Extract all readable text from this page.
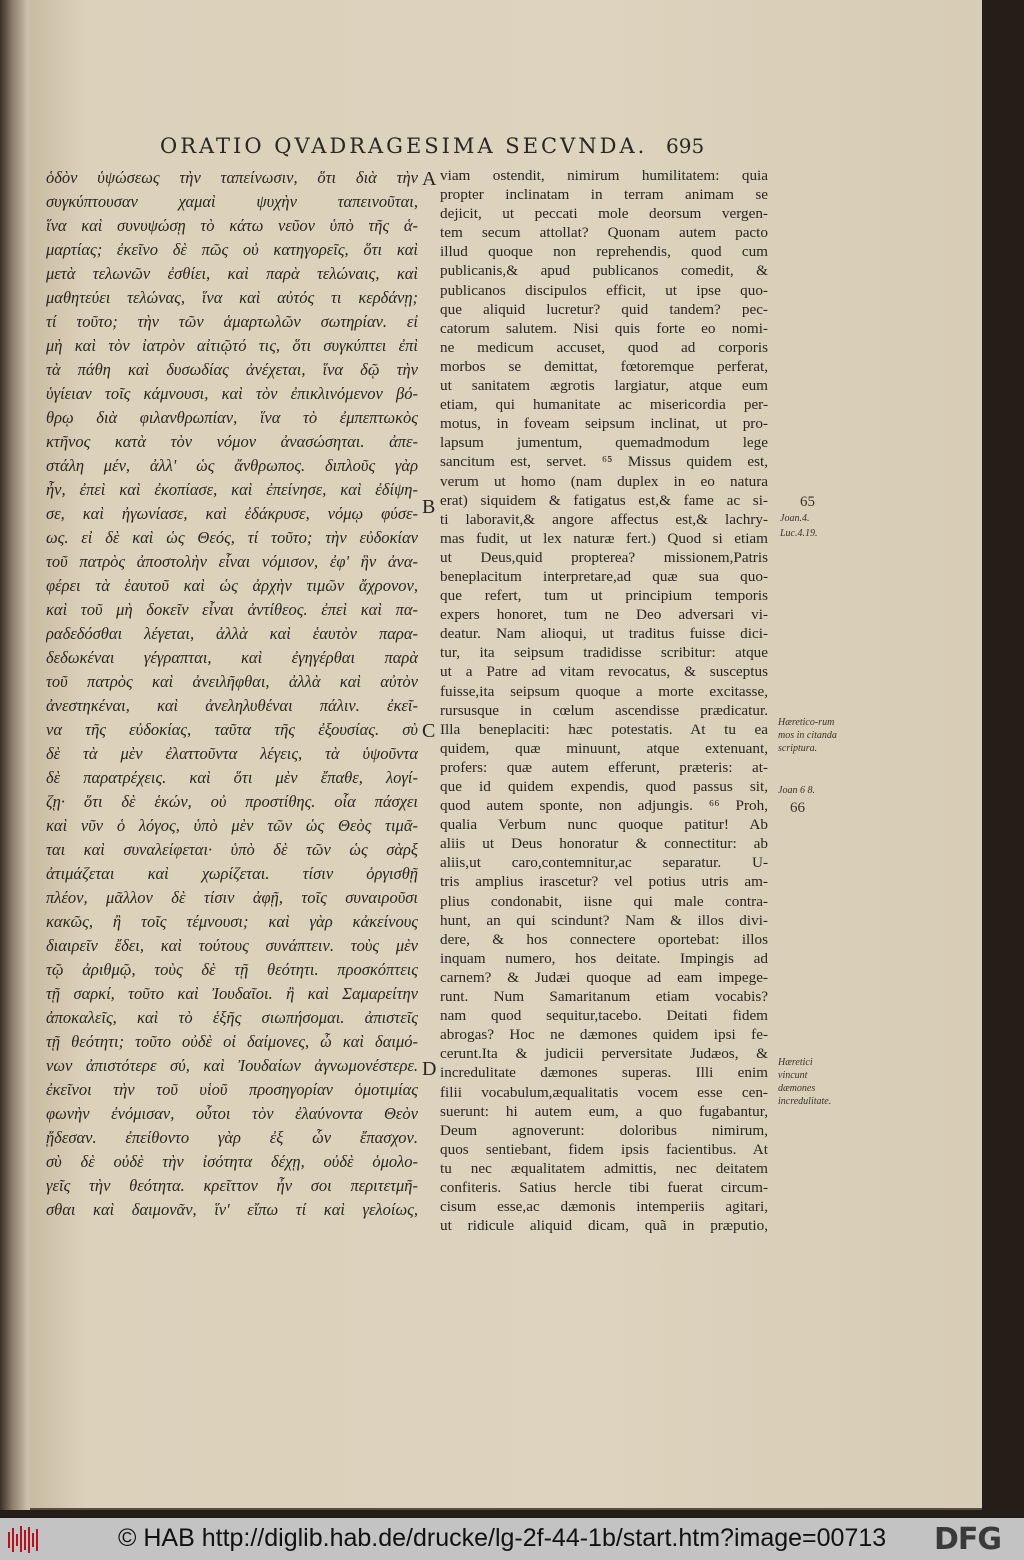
ORATIO QVADRAGESIMA SECVNDA. 695
ὁδὸν ὑψώσεως τὴν ταπείνωσιν, ὅτι διὰ τὴν
συγκύπτουσαν χαμαὶ ψυχὴν ταπεινοῦται,
ἵνα καὶ συνυψώσῃ τὸ κάτω νεῦον ὑπὸ τῆς ἁ-
μαρτίας; ἐκεῖνο δὲ πῶς οὐ κατηγορεῖς, ὅτι καὶ
μετὰ τελωνῶν ἐσθίει, καὶ παρὰ τελώναις, καὶ
μαθητεύει τελώνας, ἵνα καὶ αὐτός τι κερδάνῃ;
τί τοῦτο; τὴν τῶν ἁμαρτωλῶν σωτηρίαν. εἰ
μὴ καὶ τὸν ἰατρὸν αἰτιῷτό τις, ὅτι συγκύπτει ἐπὶ
τὰ πάθη καὶ δυσωδίας ἀνέχεται, ἵνα δῷ τὴν
ὑγίειαν τοῖς κάμνουσι, καὶ τὸν ἐπικλινόμενον βό-
θρῳ διὰ φιλανθρωπίαν, ἵνα τὸ ἐμπεπτωκὸς
κτῆνος κατὰ τὸν νόμον ἀνασώσηται. ἀπε-
στάλη μέν, ἀλλ' ὡς ἄνθρωπος. διπλοῦς γὰρ
ἦν, ἐπεὶ καὶ ἐκοπίασε, καὶ ἐπείνησε, καὶ ἐδίψη-
σε, καὶ ἠγωνίασε, καὶ ἐδάκρυσε, νόμῳ φύσε-
ως. εἰ δὲ καὶ ὡς Θεός, τί τοῦτο; τὴν εὐδοκίαν
τοῦ πατρὸς ἀποστολὴν εἶναι νόμισον, ἐφ' ἣν ἀνα-
φέρει τὰ ἑαυτοῦ καὶ ὡς ἀρχὴν τιμῶν ἄχρονον,
καὶ τοῦ μὴ δοκεῖν εἶναι ἀντίθεος. ἐπεὶ καὶ πα-
ραδεδόσθαι λέγεται, ἀλλὰ καὶ ἑαυτὸν παρα-
δεδωκέναι γέγραπται, καὶ ἐγηγέρθαι παρὰ
τοῦ πατρὸς καὶ ἀνειλῆφθαι, ἀλλὰ καὶ αὐτὸν
ἀνεστηκέναι, καὶ ἀνεληλυθέναι πάλιν. ἐκεῖ-
να τῆς εὐδοκίας, ταῦτα τῆς ἐξουσίας. σὺ
δὲ τὰ μὲν ἐλαττοῦντα λέγεις, τὰ ὑψοῦντα
δὲ παρατρέχεις. καὶ ὅτι μὲν ἔπαθε, λογί-
ζῃ· ὅτι δὲ ἑκών, οὐ προστίθης. οἷα πάσχει
καὶ νῦν ὁ λόγος, ὑπὸ μὲν τῶν ὡς Θεὸς τιμᾶ-
ται καὶ συναλείφεται· ὑπὸ δὲ τῶν ὡς σὰρξ
ἀτιμάζεται καὶ χωρίζεται. τίσιν ὀργισθῇ
πλέον, μᾶλλον δὲ τίσιν ἀφῇ, τοῖς συναιροῦσι
κακῶς, ἢ τοῖς τέμνουσι; καὶ γὰρ κἀκείνους
διαιρεῖν ἔδει, καὶ τούτους συνάπτειν. τοὺς μὲν
τῷ ἀριθμῷ, τοὺς δὲ τῇ θεότητι. προσκόπτεις
τῇ σαρκί, τοῦτο καὶ Ἰουδαῖοι. ἢ καὶ Σαμαρείτην
ἀποκαλεῖς, καὶ τὸ ἑξῆς σιωπήσομαι. ἀπιστεῖς
τῇ θεότητι; τοῦτο οὐδὲ οἱ δαίμονες, ὦ καὶ δαιμό-
νων ἀπιστότερε σύ, καὶ Ἰουδαίων ἀγνωμονέστερε.
ἐκεῖνοι τὴν τοῦ υἱοῦ προσηγορίαν ὁμοτιμίας
φωνὴν ἐνόμισαν, οὗτοι τὸν ἐλαύνοντα Θεὸν
ᾔδεσαν. ἐπείθοντο γὰρ ἐξ ὧν ἔπασχον.
σὺ δὲ οὐδὲ τὴν ἰσότητα δέχῃ, οὐδὲ ὁμολο-
γεῖς τὴν θεότητα. κρεῖττον ἦν σοι περιτετμῆ-
σθαι καὶ δαιμονᾶν, ἵν' εἴπω τί καὶ γελοίως,
viam ostendit, nimirum humilitatem: quia
propter inclinatam in terram animam se
dejicit, ut peccati mole deorsum vergen-
tem secum attollat? Quonam autem pacto
illud quoque non reprehendis, quod cum
publicanis,& apud publicanos comedit, &
publicanos discipulos efficit, ut ipse quo-
que aliquid lucretur? quid tandem? pec-
catorum salutem. Nisi quis forte eo nomi-
ne medicum accuset, quod ad corporis
morbos se demittat, fœtoremque perferat,
ut sanitatem ægrotis largiatur, atque eum
etiam, qui humanitate ac misericordia per-
motus, in foveam seipsum inclinat, ut pro-
lapsum jumentum, quemadmodum lege
sancitum est, servet. ⁶⁵ Missus quidem est,
verum ut homo (nam duplex in eo natura
erat) siquidem & fatigatus est,& fame ac si-
ti laboravit,& angore affectus est,& lachry-
mas fudit, ut lex naturæ fert.) Quod si etiam
ut Deus,quid propterea? missionem,Patris
beneplacitum interpretare,ad quæ sua quo-
que refert, tum ut principium temporis
expers honoret, tum ne Deo adversari vi-
deatur. Nam alioqui, ut traditus fuisse dici-
tur, ita seipsum tradidisse scribitur: atque
ut a Patre ad vitam revocatus, & susceptus
fuisse,ita seipsum quoque a morte excitasse,
rursusque in cœlum ascendisse prædicatur.
Illa beneplaciti: hæc potestatis. At tu ea
quidem, quæ minuunt, atque extenuant,
profers: quæ autem efferunt, præteris: at-
que id quidem expendis, quod passus sit,
quod autem sponte, non adjungis. ⁶⁶ Proh,
qualia Verbum nunc quoque patitur! Ab
aliis ut Deus honoratur & connectitur: ab
aliis,ut caro,contemnitur,ac separatur. U-
tris amplius irascetur? vel potius utris am-
plius condonabit, iisne qui male contra-
hunt, an qui scindunt? Nam & illos divi-
dere, & hos connectere oportebat: illos
inquam numero, hos deitate. Impingis ad
carnem? & Judæi quoque ad eam impege-
runt. Num Samaritanum etiam vocabis?
nam quod sequitur,tacebo. Deitati fidem
abrogas? Hoc ne dæmones quidem ipsi fe-
cerunt.Ita & judicii perversitate Judæos, &
incredulitate dæmones superas. Illi enim
filii vocabulum,æqualitatis vocem esse cen-
suerunt: hi autem eum, a quo fugabantur,
Deum agnoverunt: doloribus nimirum,
quos sentiebant, fidem ipsis facientibus. At
tu nec æqualitatem admittis, nec deitatem
confiteris. Satius hercle tibi fuerat circum-
cisum esse,ac dæmonis intemperiis agitari,
ut ridicule aliquid dicam, quã in præputio,
A
B
C
D
65
Joan.4.
Luc.4.19.
Hæretico-rum mos in citanda scriptura.
Joan 6 8.
66
Hæretici vincunt dæmones incredulitate.
© HAB http://diglib.hab.de/drucke/lg-2f-44-1b/start.htm?image=00713 DFG
